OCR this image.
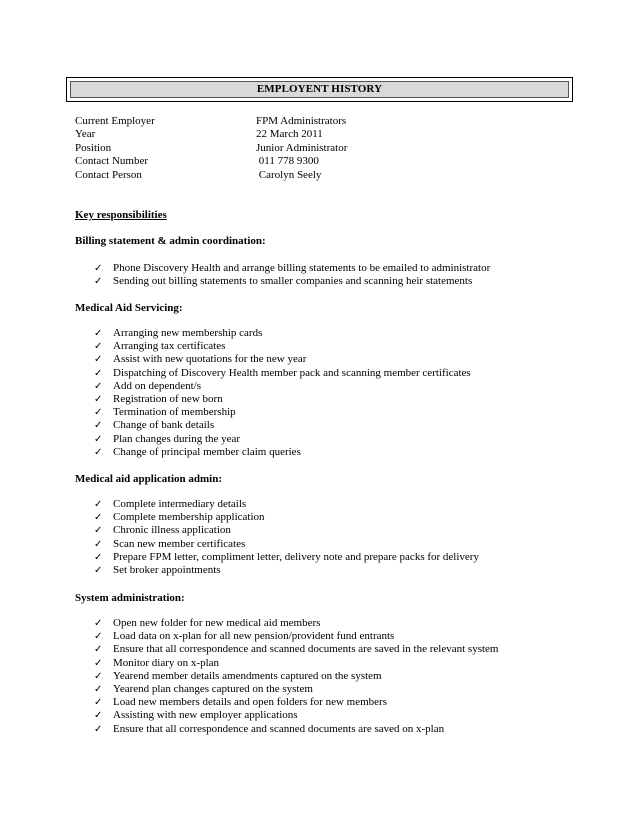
EMPLOYENT HISTORY
Current Employer	FPM Administrators
Year	22 March 2011
Position	Junior Administrator
Contact Number	011 778 9300
Contact Person	Carolyn Seely
Key responsibilities
Billing statement & admin coordination:
✓ Phone Discovery Health and arrange billing statements to be emailed to administrator
✓ Sending out billing statements to smaller companies and scanning heir statements
Medical Aid Servicing:
✓ Arranging new membership cards
✓ Arranging tax certificates
✓ Assist with new quotations for the new year
✓ Dispatching of Discovery Health member pack and scanning member certificates
✓ Add on dependent/s
✓ Registration of new born
✓ Termination of membership
✓ Change of bank details
✓ Plan changes during the year
✓ Change of principal member claim queries
Medical aid application admin:
✓ Complete intermediary details
✓ Complete membership application
✓ Chronic illness application
✓ Scan new member certificates
✓ Prepare FPM letter, compliment letter, delivery note and prepare packs for delivery
✓ Set broker appointments
System administration:
✓ Open new folder for new medical aid members
✓ Load data on x-plan for all new pension/provident fund entrants
✓ Ensure that all correspondence and scanned documents are saved in the relevant system
✓ Monitor diary on x-plan
✓ Yearend member details amendments captured on the system
✓ Yearend plan changes captured on the system
✓ Load new members details and open folders for new members
✓ Assisting with new employer applications
✓ Ensure that all correspondence and scanned documents are saved on x-plan
